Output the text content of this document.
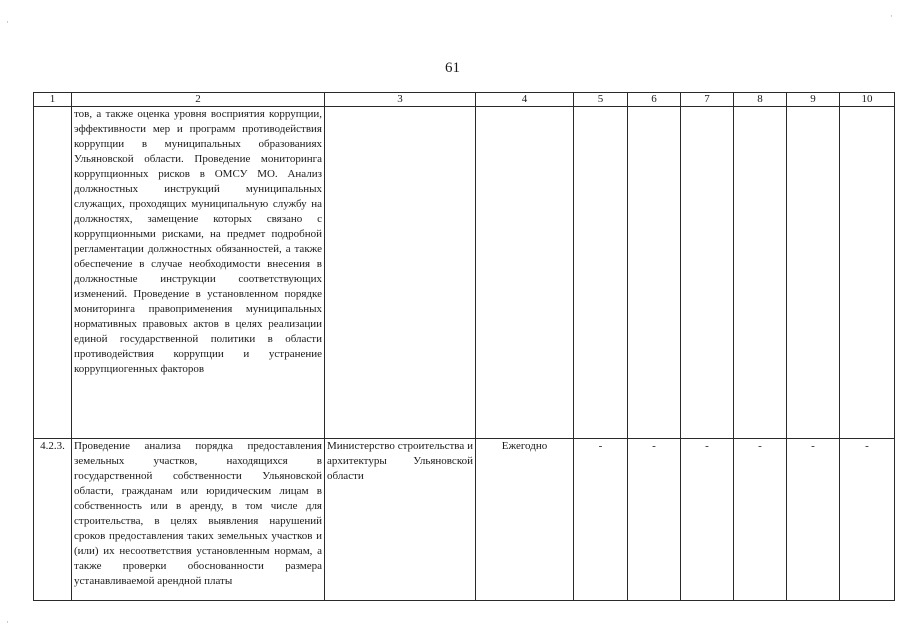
·
·
·
61
1	2	3	4	5	6	7	8	9	10
	тов, а также оценка уровня восприятия коррупции, эффективности мер и программ противодействия коррупции в муниципальных образованиях Ульяновской области. Проведение мониторинга коррупционных рисков в ОМСУ МО. Анализ должностных инструкций муниципальных служащих, проходящих муниципальную службу на должностях, замещение которых связано с коррупционными рисками, на предмет подробной регламентации должностных обязанностей, а также обеспечение в случае необходимости внесения в должностные инструкции соответствующих изменений. Проведение в установленном порядке мониторинга правоприменения муниципальных нормативных правовых актов в целях реализации единой государственной политики в области противодействия коррупции и устранение коррупциогенных факторов								
4.2.3.	Проведение анализа порядка предоставления земельных участков, находящихся в государственной собственности Ульяновской области, гражданам или юридическим лицам в собственность или в аренду, в том числе для строительства, в целях выявления нарушений сроков предоставления таких земельных участков и (или) их несоответствия установленным нормам, а также проверки обоснованности размера устанавливаемой арендной платы	Министерство строительства и архитектуры Ульяновской области	Ежегодно	-	-	-	-	-	-
